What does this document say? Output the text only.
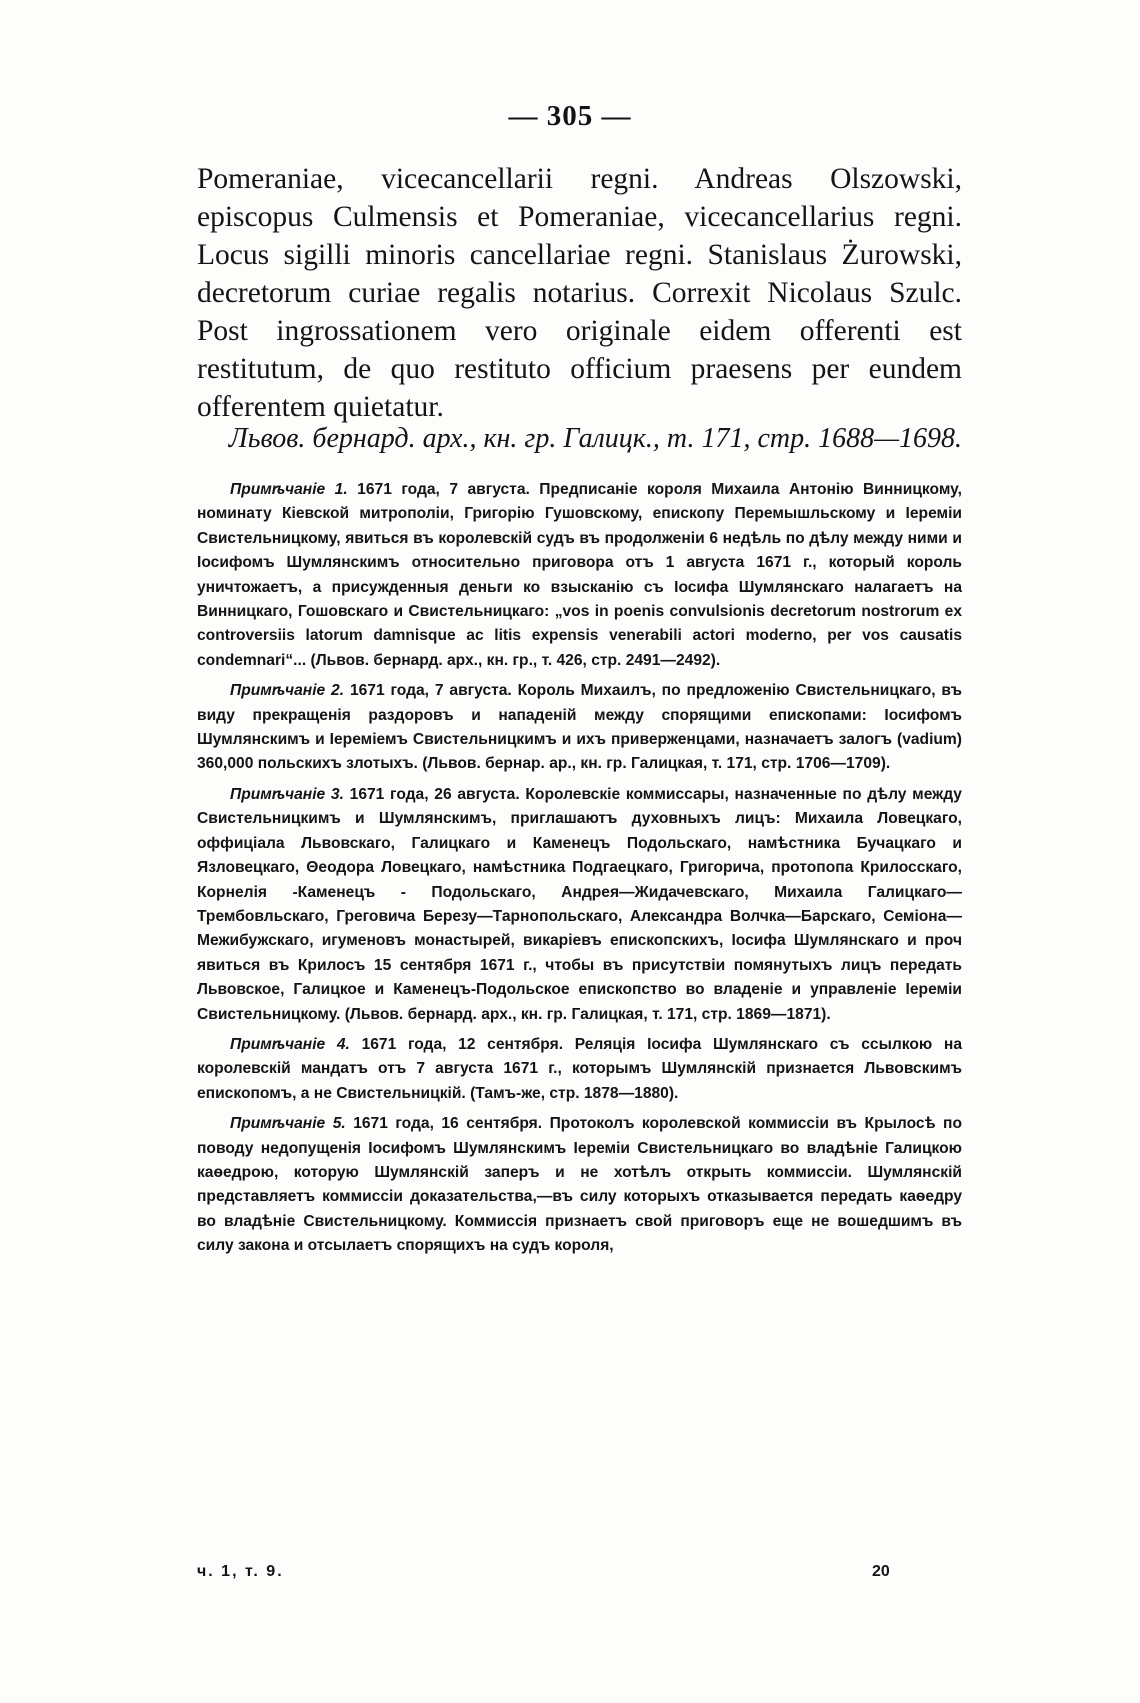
— 305 —

Pomeraniae, vicecancellarii regni. Andreas Olszowski, episcopus Culmensis et Pomeraniae, vicecancellarius regni. Locus sigilli minoris cancellariae regni. Stanislaus Żurowski, decretorum curiae regalis notarius. Correxit Nicolaus Szulc. Post ingrossationem vero originale eidem offerenti est restitutum, de quo restituto officium praesens per eundem offerentem quietatur.

Львов. бернард. арх., кн. гр. Галицк., т. 171, стр. 1688—1698.

Примѣчаніе 1. 1671 года, 7 августа. Предписаніе короля Михаила Антонію Винницкому, номинату Кіевской митрополіи, Григорію Гушовскому, епископу Перемышльскому и Іереміи Свистельницкому, явиться въ королевскій судъ въ продолженіи 6 недѣль по дѣлу между ними и Іосифомъ Шумлянскимъ относительно приговора отъ 1 августа 1671 г., который король уничтожаетъ, а присужденныя деньги ко взысканію съ Іосифа Шумлянскаго налагаетъ на Винницкаго, Гошовскаго и Свистельницкаго: „vos in poenis convulsionis decretorum nostrorum ex controversiis latorum damnisque ac litis expensis venerabili actori moderno, per vos causatis condemnari“... (Львов. бернард. арх., кн. гр., т. 426, стр. 2491—2492).

Примѣчаніе 2. 1671 года, 7 августа. Король Михаилъ, по предложенію Свистельницкаго, въ виду прекращенія раздоровъ и нападеній между спорящими епископами: Іосифомъ Шумлянскимъ и Іереміемъ Свистельницкимъ и ихъ приверженцами, назначаетъ залогъ (vadium) 360,000 польскихъ злотыхъ. (Львов. бернар. ар., кн. гр. Галицкая, т. 171, стр. 1706—1709).

Примѣчаніе 3. 1671 года, 26 августа. Королевскіе коммиссары, назначенные по дѣлу между Свистельницкимъ и Шумлянскимъ, приглашаютъ духовныхъ лицъ: Михаила Ловецкаго, оффиціала Львовскаго, Галицкаго и Каменецъ Подольскаго, намѣстника Бучацкаго и Язловецкаго, Θеодора Ловецкаго, намѣстника Подгаецкаго, Григорича, протопопа Крилосскаго, Корнелія -Каменецъ - Подольскаго, Андрея—Жидачевскаго, Михаила Галицкаго—Трембовльскаго, Греговича Березу—Тарнопольскаго, Александра Волчка—Барскаго, Семіона—Межибужскаго, игуменовъ монастырей, викаріевъ епископскихъ, Іосифа Шумлянскаго и проч явиться въ Крилосъ 15 сентября 1671 г., чтобы въ присутствіи помянутыхъ лицъ передать Львовское, Галицкое и Каменецъ-Подольское епископство во владеніе и управленіе Іереміи Свистельницкому. (Львов. бернард. арх., кн. гр. Галицкая, т. 171, стр. 1869—1871).

Примѣчаніе 4. 1671 года, 12 сентября. Реляція Іосифа Шумлянскаго съ ссылкою на королевскій мандатъ отъ 7 августа 1671 г., которымъ Шумлянскій признается Львовскимъ епископомъ, а не Свистельницкій. (Тамъ-же, стр. 1878—1880).

Примѣчаніе 5. 1671 года, 16 сентября. Протоколъ королевской коммиссіи въ Крылосѣ по поводу недопущенія Іосифомъ Шумлянскимъ Іереміи Свистельницкаго во владѣніе Галицкою каѳедрою, которую Шумлянскій заперъ и не хотѣлъ открыть коммиссіи. Шумлянскій представляетъ коммиссіи доказательства,—въ силу которыхъ отказывается передать каѳедру во владѣніе Свистельницкому. Коммиссія признаетъ свой приговоръ еще не вошедшимъ въ силу закона и отсылаетъ спорящихъ на судъ короля,

ч. 1, т. 9.	20
